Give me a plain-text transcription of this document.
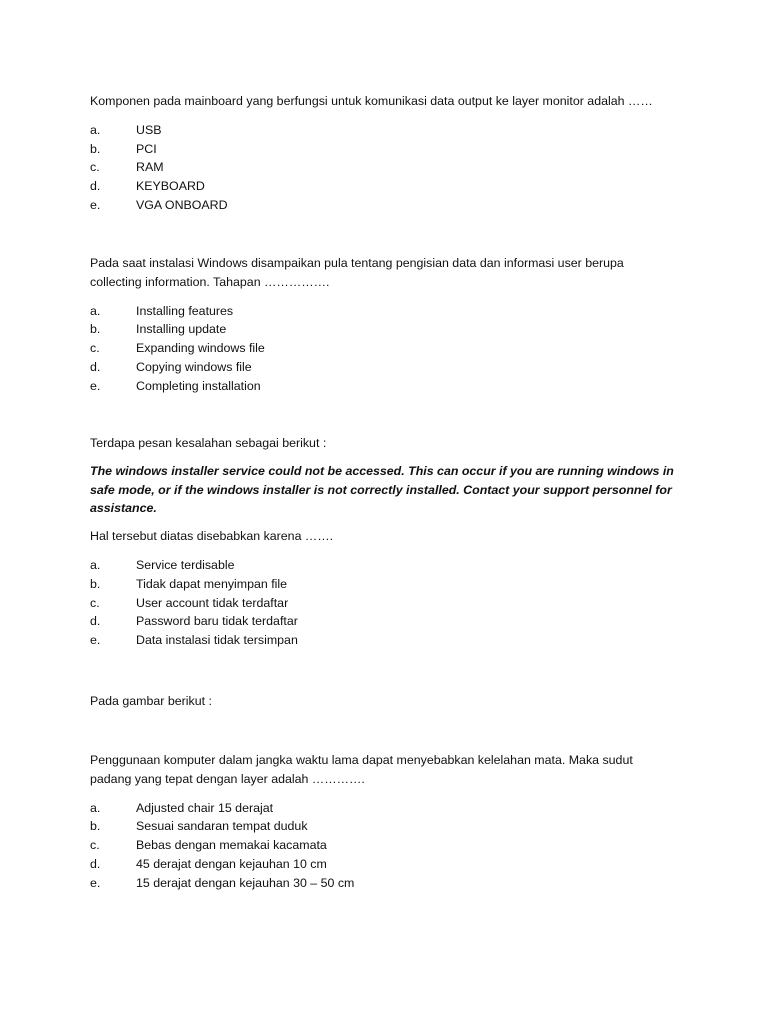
Komponen pada mainboard yang berfungsi untuk komunikasi data output ke layer monitor adalah ……

a.	USB
b.	PCI
c.	RAM
d.	KEYBOARD
e.	VGA ONBOARD

Pada saat instalasi Windows disampaikan pula tentang pengisian data dan informasi user berupa collecting information. Tahapan …………….

a.	Installing features
b.	Installing update
c.	Expanding windows file
d.	Copying windows file
e.	Completing installation

Terdapa pesan kesalahan sebagai berikut :

The windows installer service could not be accessed. This can occur if you are running windows in safe mode, or if the windows installer is not correctly installed. Contact your support personnel for assistance.

Hal tersebut diatas disebabkan karena …….

a.	Service terdisable
b.	Tidak dapat menyimpan file
c.	User account tidak terdaftar
d.	Password baru tidak terdaftar
e.	Data instalasi tidak tersimpan

Pada gambar berikut :

Penggunaan komputer dalam jangka waktu lama dapat menyebabkan kelelahan mata. Maka sudut padang yang tepat dengan layer adalah ………….

a.	Adjusted chair 15 derajat
b.	Sesuai sandaran tempat duduk
c.	Bebas dengan memakai kacamata
d.	45 derajat dengan kejauhan 10 cm
e.	15 derajat dengan kejauhan 30 – 50 cm
